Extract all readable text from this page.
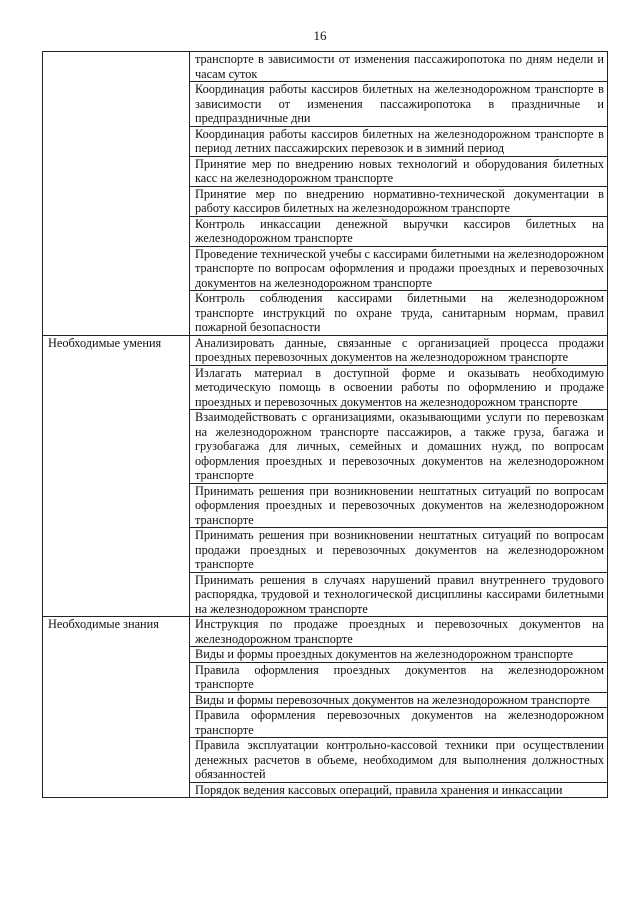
16
	транспорте в зависимости от изменения пассажиропотока по дням недели и часам суток
	Координация работы кассиров билетных на железнодорожном транспорте в зависимости от изменения пассажиропотока в праздничные и предпраздничные дни
	Координация работы кассиров билетных на железнодорожном транспорте в период летних пассажирских перевозок и в зимний период
	Принятие мер по внедрению новых технологий и оборудования билетных касс на железнодорожном транспорте
	Принятие мер по внедрению нормативно-технической документации в работу кассиров билетных на железнодорожном транспорте
	Контроль инкассации денежной выручки кассиров билетных на железнодорожном транспорте
	Проведение технической учебы с кассирами билетными на железнодорожном транспорте по вопросам оформления и продажи проездных и перевозочных документов на железнодорожном транспорте
	Контроль соблюдения кассирами билетными на железнодорожном транспорте инструкций по охране труда, санитарным нормам, правил пожарной безопасности
Необходимые умения	Анализировать данные, связанные с организацией процесса продажи проездных перевозочных документов на железнодорожном транспорте
	Излагать материал в доступной форме и оказывать необходимую методическую помощь в освоении работы по оформлению и продаже проездных и перевозочных документов на железнодорожном транспорте
	Взаимодействовать с организациями, оказывающими услуги по перевозкам на железнодорожном транспорте пассажиров, а также груза, багажа и грузобагажа для личных, семейных и домашних нужд, по вопросам оформления проездных и перевозочных документов на железнодорожном транспорте
	Принимать решения при возникновении нештатных ситуаций по вопросам оформления проездных и перевозочных документов на железнодорожном транспорте
	Принимать решения при возникновении нештатных ситуаций по вопросам продажи проездных и перевозочных документов на железнодорожном транспорте
	Принимать решения в случаях нарушений правил внутреннего трудового распорядка, трудовой и технологической дисциплины кассирами билетными на железнодорожном транспорте
Необходимые знания	Инструкция по продаже проездных и перевозочных документов на железнодорожном транспорте
	Виды и формы проездных документов на железнодорожном транспорте
	Правила оформления проездных документов на железнодорожном транспорте
	Виды и формы перевозочных документов на железнодорожном транспорте
	Правила оформления перевозочных документов на железнодорожном транспорте
	Правила эксплуатации контрольно-кассовой техники при осуществлении денежных расчетов в объеме, необходимом для выполнения должностных обязанностей
	Порядок ведения кассовых операций, правила хранения и инкассации
